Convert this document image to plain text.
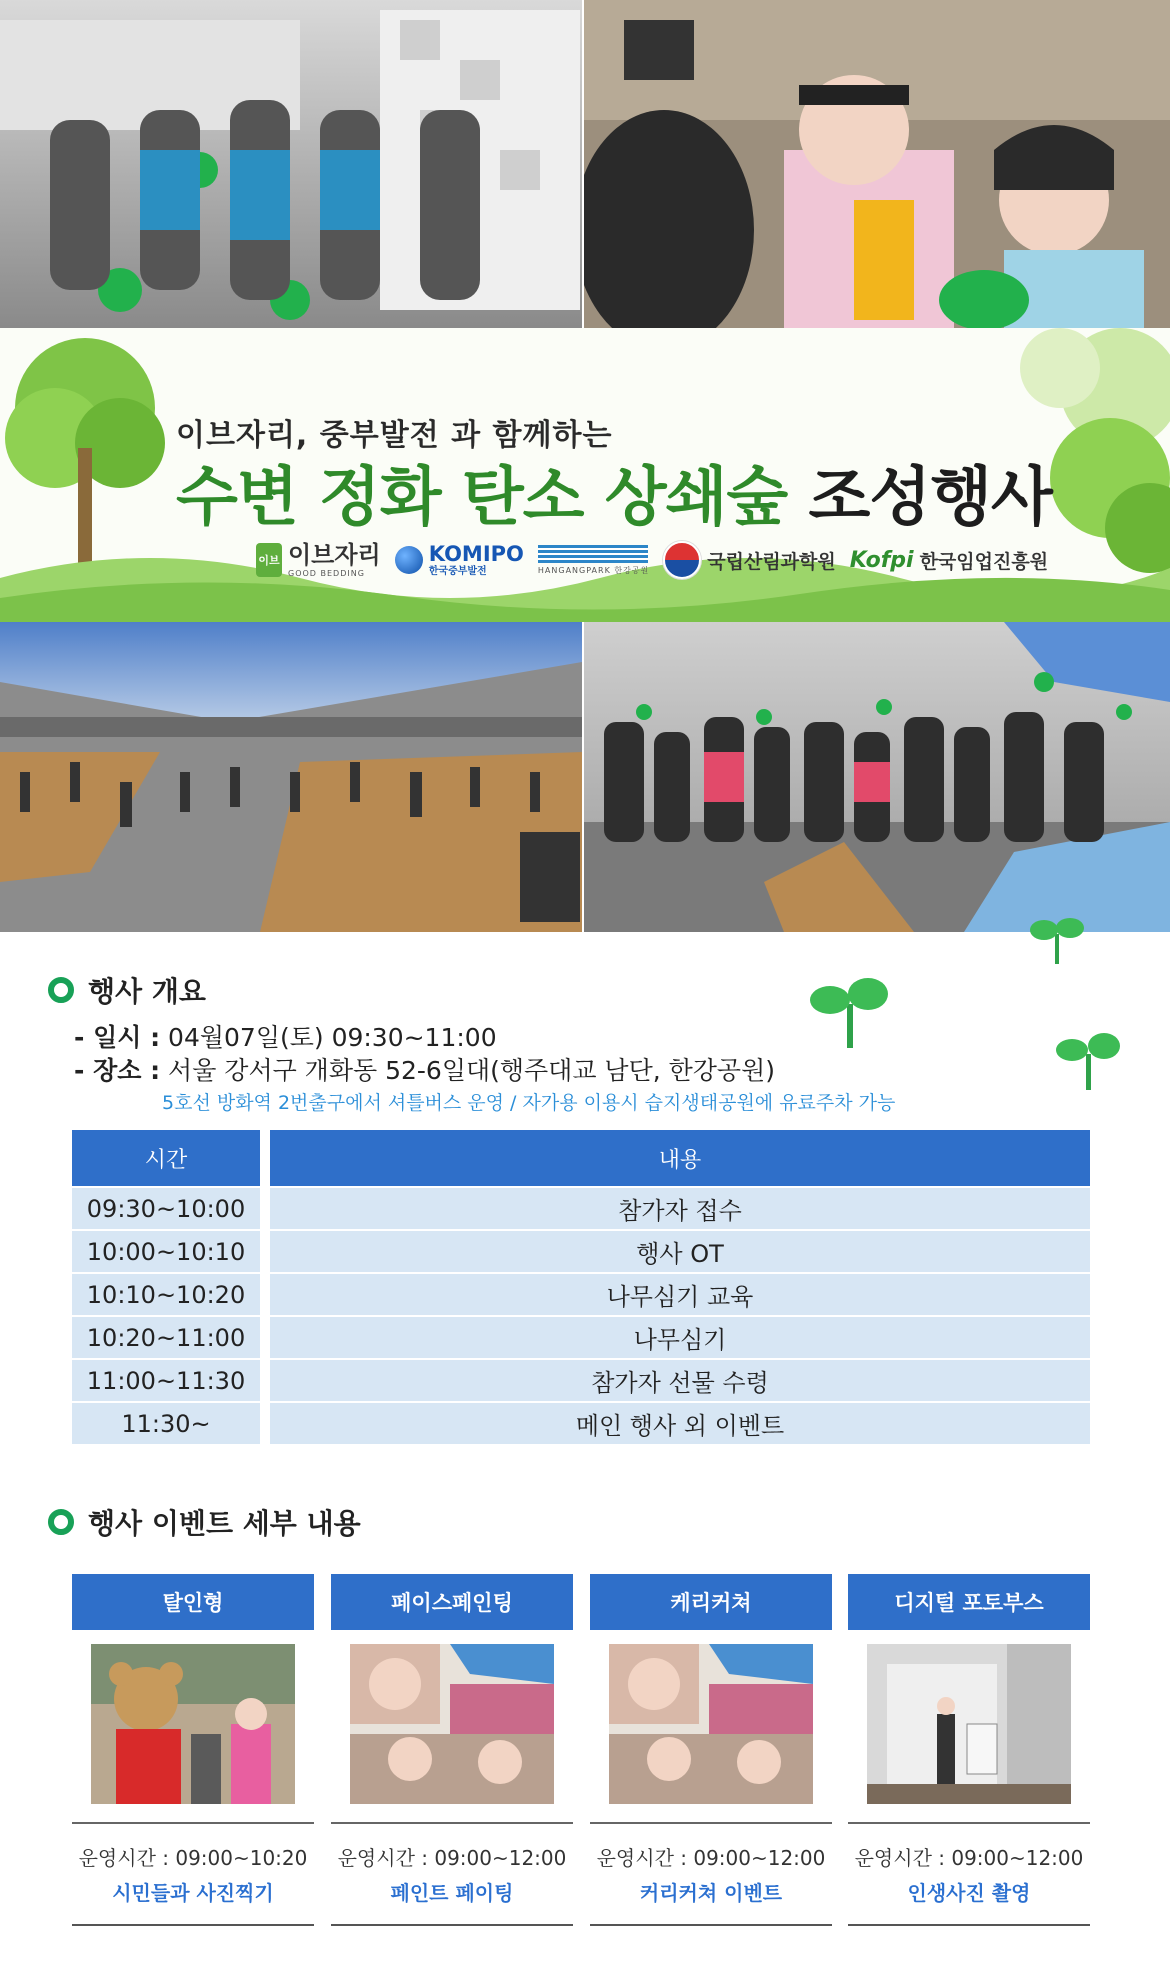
이브자리, 중부발전 과 함께하는
수변 정화 탄소 상쇄숲 조성행사
이브 이브자리
GOOD BEDDING
KOMIPO
한국중부발전	HANGANGPARK 한강공원	국립산림과학원 Kofpi 한국임업진흥원
행사 개요
- 일시 : 04월07일(토) 09:30~11:00
- 장소 : 서울 강서구 개화동 52-6일대(행주대교 남단, 한강공원)
5호선 방화역 2번출구에서 셔틀버스 운영 / 자가용 이용시 습지생태공원에 유료주차 가능
시간	내용
09:30~10:00	참가자 접수
10:00~10:10	행사 OT
10:10~10:20	나무심기 교육
10:20~11:00	나무심기
11:00~11:30	참가자 선물 수령
11:30~	메인 행사 외 이벤트
행사 이벤트 세부 내용
탈인형
운영시간 : 09:00~10:20
시민들과 사진찍기
페이스페인팅
운영시간 : 09:00~12:00
페인트 페이팅
케리커쳐
운영시간 : 09:00~12:00
커리커쳐 이벤트
디지털 포토부스
운영시간 : 09:00~12:00
인생사진 촬영
